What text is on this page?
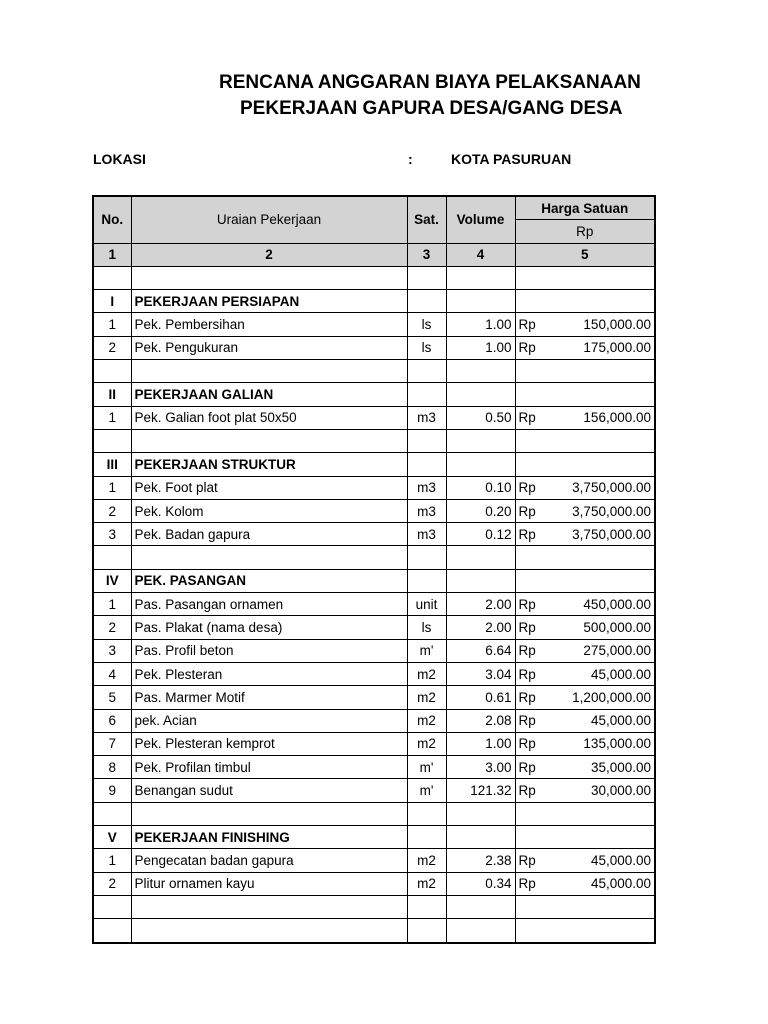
RENCANA ANGGARAN BIAYA PELAKSANAAN
PEKERJAAN GAPURA DESA/GANG DESA
LOKASI	:	KOTA PASURUAN
No.	Uraian Pekerjaan	Sat.	Volume	Harga Satuan	
				Rp	
1	2	3	4	5	

I	PEKERJAAN PERSIAPAN				
1	Pek. Pembersihan	ls	1.00	Rp	150,000.00
2	Pek. Pengukuran	ls	1.00	Rp	175,000.00

II	PEKERJAAN GALIAN				
1	Pek. Galian foot plat 50x50	m3	0.50	Rp	156,000.00

III	PEKERJAAN STRUKTUR				
1	Pek. Foot plat	m3	0.10	Rp	3,750,000.00
2	Pek. Kolom	m3	0.20	Rp	3,750,000.00
3	Pek. Badan gapura	m3	0.12	Rp	3,750,000.00

IV	PEK. PASANGAN				
1	Pas. Pasangan ornamen	unit	2.00	Rp	450,000.00
2	Pas. Plakat (nama desa)	ls	2.00	Rp	500,000.00
3	Pas. Profil beton	m'	6.64	Rp	275,000.00
4	Pek. Plesteran	m2	3.04	Rp	45,000.00
5	Pas. Marmer Motif	m2	0.61	Rp	1,200,000.00
6	pek. Acian	m2	2.08	Rp	45,000.00
7	Pek. Plesteran kemprot	m2	1.00	Rp	135,000.00
8	Pek. Profilan timbul	m'	3.00	Rp	35,000.00
9	Benangan sudut	m'	121.32	Rp	30,000.00

V	PEKERJAAN FINISHING				
1	Pengecatan badan gapura	m2	2.38	Rp	45,000.00
2	Plitur ornamen kayu	m2	0.34	Rp	45,000.00
